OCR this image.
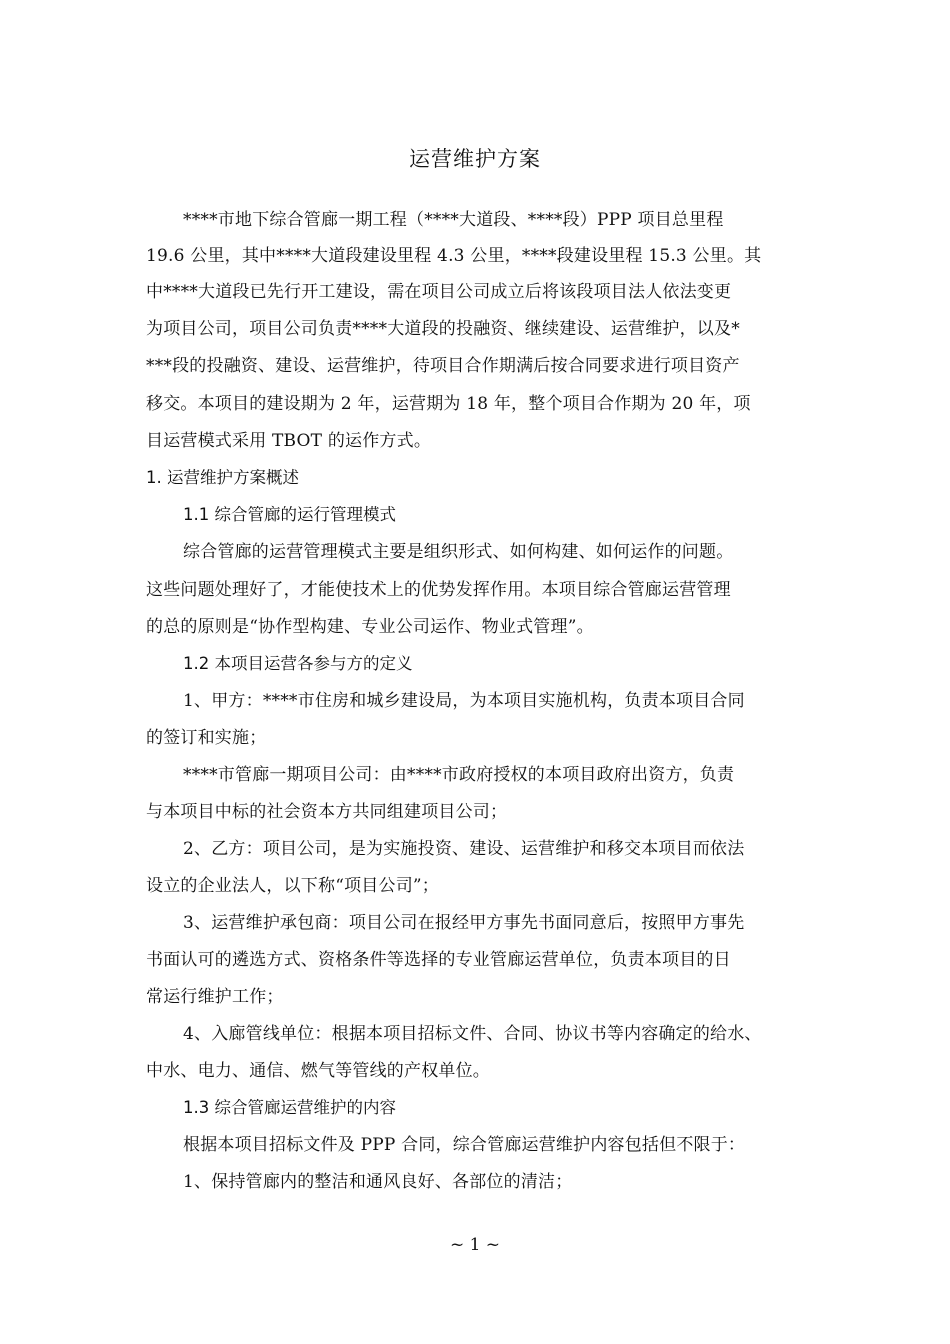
运营维护方案
****市地下综合管廊一期工程（****大道段、****段）PPP 项目总里程
19.6 公里，其中****大道段建设里程 4.3 公里，****段建设里程 15.3 公里。其
中****大道段已先行开工建设，需在项目公司成立后将该段项目法人依法变更
为项目公司，项目公司负责****大道段的投融资、继续建设、运营维护，以及*
***段的投融资、建设、运营维护，待项目合作期满后按合同要求进行项目资产
移交。本项目的建设期为 2 年，运营期为 18 年，整个项目合作期为 20 年，项
目运营模式采用 TBOT 的运作方式。
1. 运营维护方案概述
1.1 综合管廊的运行管理模式
综合管廊的运营管理模式主要是组织形式、如何构建、如何运作的问题。
这些问题处理好了，才能使技术上的优势发挥作用。本项目综合管廊运营管理
的总的原则是“协作型构建、专业公司运作、物业式管理”。
1.2 本项目运营各参与方的定义
1、甲方：****市住房和城乡建设局，为本项目实施机构，负责本项目合同
的签订和实施；
****市管廊一期项目公司：由****市政府授权的本项目政府出资方，负责
与本项目中标的社会资本方共同组建项目公司；
2、乙方：项目公司，是为实施投资、建设、运营维护和移交本项目而依法
设立的企业法人，以下称“项目公司”；
3、运营维护承包商：项目公司在报经甲方事先书面同意后，按照甲方事先
书面认可的遴选方式、资格条件等选择的专业管廊运营单位，负责本项目的日
常运行维护工作；
4、入廊管线单位：根据本项目招标文件、合同、协议书等内容确定的给水、
中水、电力、通信、燃气等管线的产权单位。
1.3 综合管廊运营维护的内容
根据本项目招标文件及 PPP 合同，综合管廊运营维护内容包括但不限于：
1、保持管廊内的整洁和通风良好、各部位的清洁；
~ 1 ~
